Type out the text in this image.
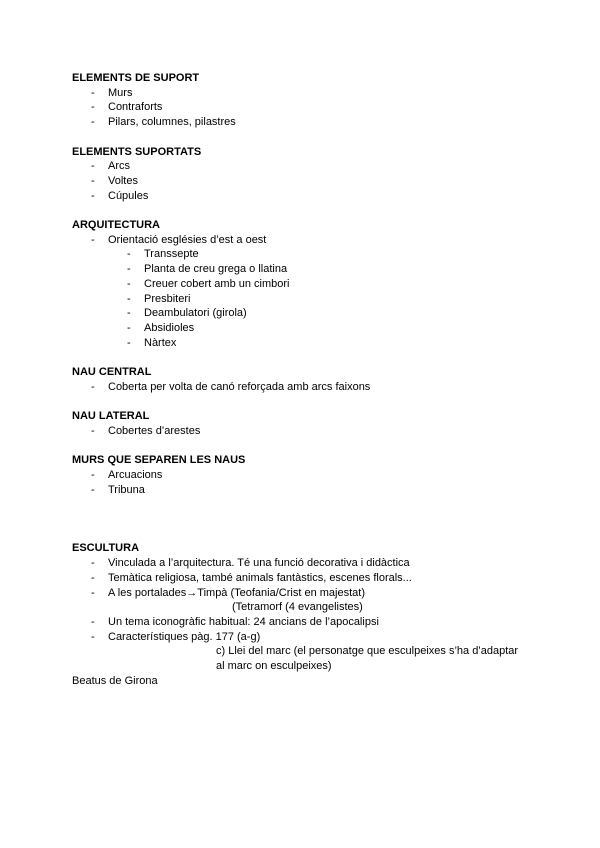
ELEMENTS DE SUPORT
- Murs
- Contraforts
- Pilars, columnes, pilastres
ELEMENTS SUPORTATS
- Arcs
- Voltes
- Cúpules
ARQUITECTURA
- Orientació esglésies d’est a oest
- Transsepte
- Planta de creu grega o llatina
- Creuer cobert amb un cimbori
- Presbiteri
- Deambulatori (girola)
- Absidioles
- Nàrtex
NAU CENTRAL
- Coberta per volta de canó reforçada amb arcs faixons
NAU LATERAL
- Cobertes d’arestes
MURS QUE SEPAREN LES NAUS
- Arcuacions
- Tribuna
ESCULTURA
- Vinculada a l’arquitectura. Té una funció decorativa i didàctica
- Temàtica religiosa, també animals fantàstics, escenes florals...
- A les portalades→Timpà (Teofania/Crist en majestat)
(Tetramorf (4 evangelistes)
- Un tema iconogràfic habitual: 24 ancians de l’apocalipsi
- Característiques pàg. 177 (a-g)
c) Llei del marc (el personatge que esculpeixes s’ha d’adaptar
al marc on esculpeixes)
Beatus de Girona
